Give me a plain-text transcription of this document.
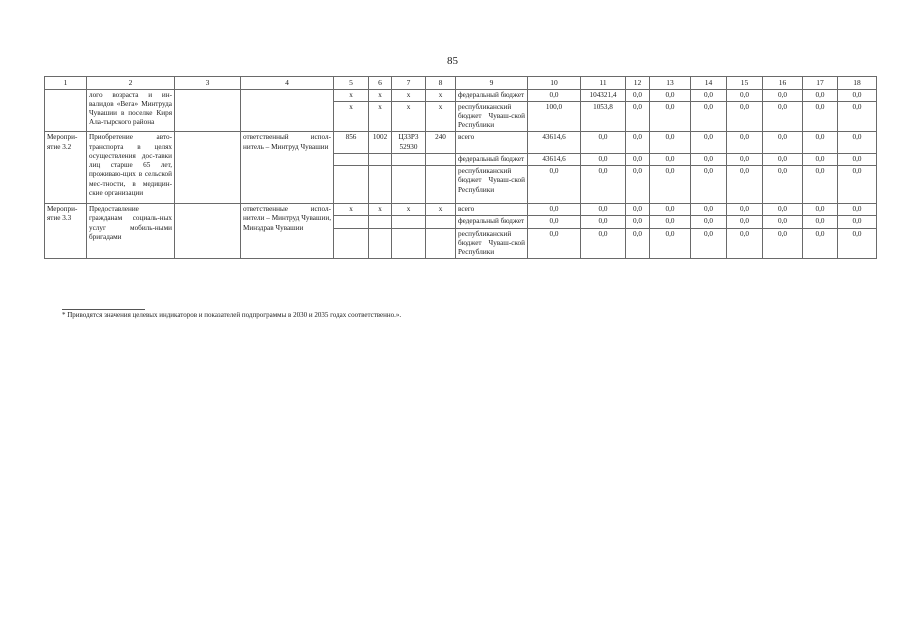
85
1	2	3	4	5	6	7	8	9	10	11	12	13	14	15	16	17	18
	лого возраста и ин-валидов «Вега» Минтруда Чувашии в поселке Киря Ала-тырского района			х	х	х	х	федеральный бюджет	0,0	104321,4	0,0	0,0	0,0	0,0	0,0	0,0	0,0
				х	х	х	х	республиканский бюджет Чуваш-ской Республики	100,0	1053,8	0,0	0,0	0,0	0,0	0,0	0,0	0,0
Меропри-ятие 3.2	Приобретение авто-транспорта в целях осуществления дос-тавки лиц старше 65 лет, проживаю-щих в сельской мес-тности, в медицин-ские организации		ответственный испол-нитель – Минтруд Чувашии	856	1002	Ц33Р3 52930	240	всего	43614,6	0,0	0,0	0,0	0,0	0,0	0,0	0,0	0,0
								федеральный бюджет	43614,6	0,0	0,0	0,0	0,0	0,0	0,0	0,0	0,0
								республиканский бюджет Чуваш-ской Республики	0,0	0,0	0,0	0,0	0,0	0,0	0,0	0,0	0,0
Меропри-ятие 3.3	Предоставление гражданам социаль-ных услуг мобиль-ными бригадами		ответственные испол-нители – Минтруд Чувашии, Минздрав Чувашии	х	х	х	х	всего	0,0	0,0	0,0	0,0	0,0	0,0	0,0	0,0	0,0
								федеральный бюджет	0,0	0,0	0,0	0,0	0,0	0,0	0,0	0,0	0,0
								республиканский бюджет Чуваш-ской Республики	0,0	0,0	0,0	0,0	0,0	0,0	0,0	0,0	0,0
* Приводятся значения целевых индикаторов и показателей подпрограммы в 2030 и 2035 годах соответственно.».
